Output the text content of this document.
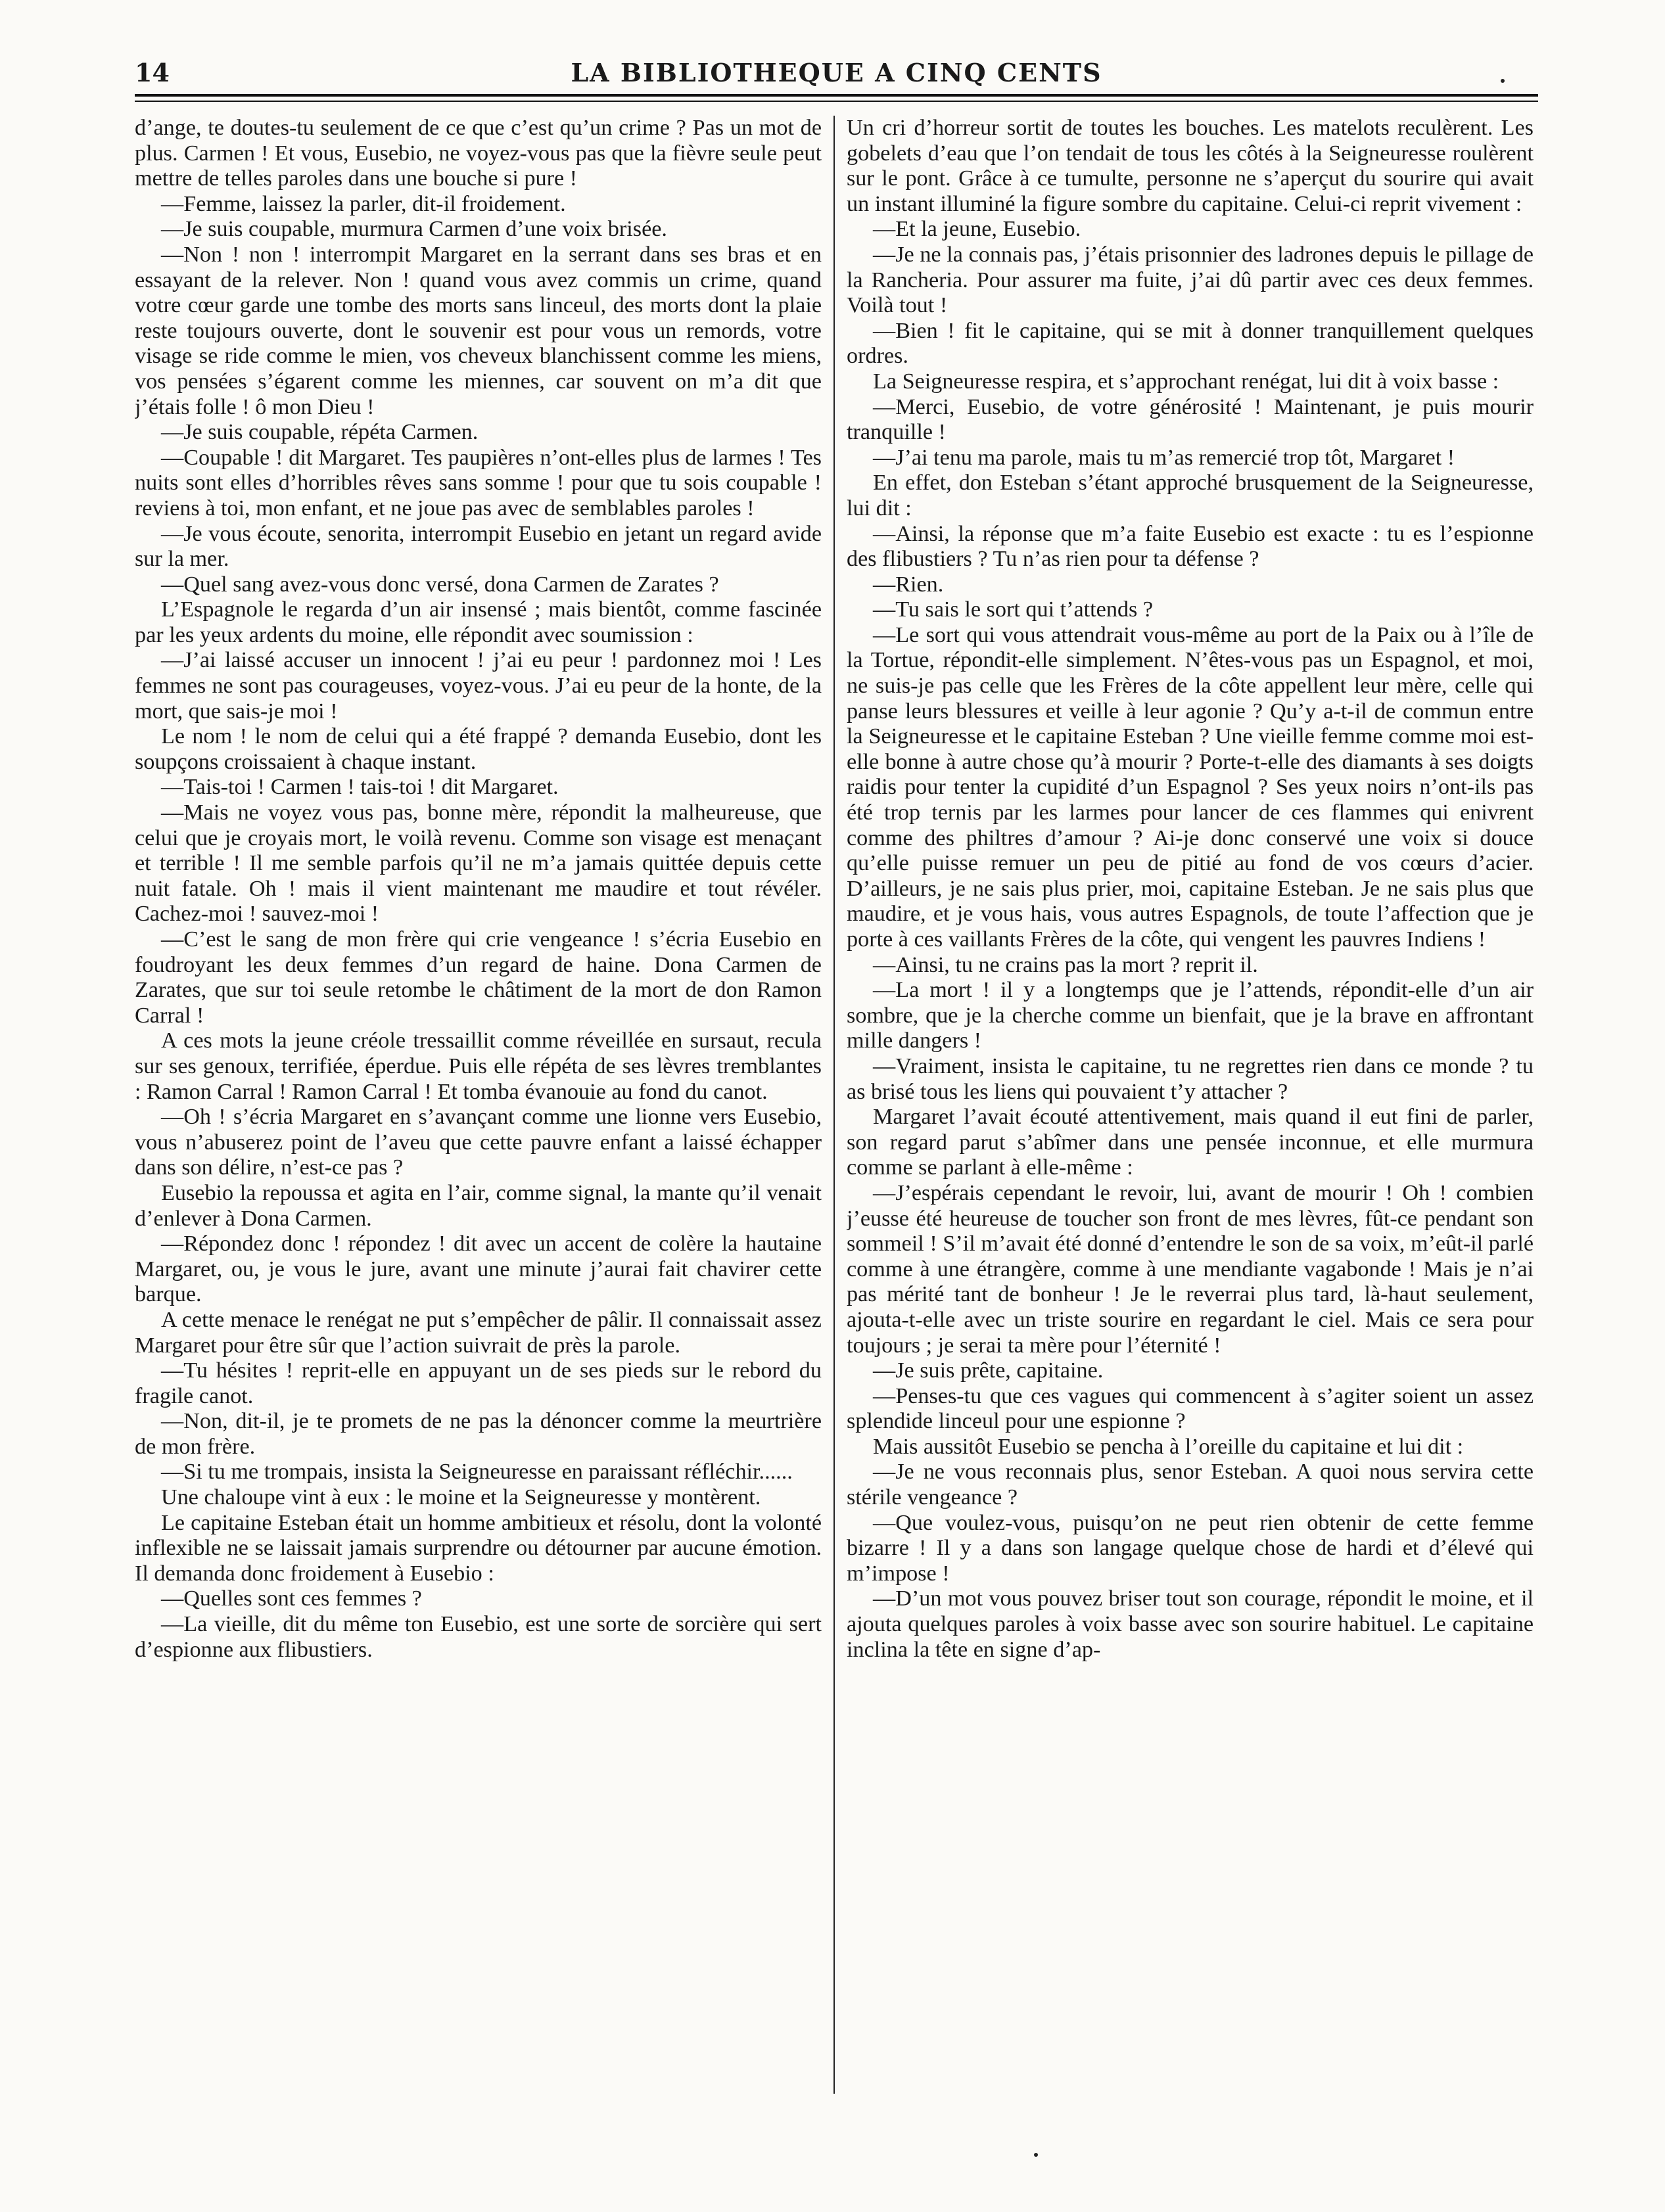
14	LA BIBLIOTHEQUE A CINQ CENTS

d’ange, te doutes-tu seulement de ce que c’est qu’un crime ? Pas un mot de plus. Carmen ! Et vous, Eusebio, ne voyez-vous pas que la fièvre seule peut mettre de telles paroles dans une bouche si pure !

—Femme, laissez la parler, dit-il froidement.

—Je suis coupable, murmura Carmen d’une voix brisée.

—Non ! non ! interrompit Margaret en la serrant dans ses bras et en essayant de la relever. Non ! quand vous avez commis un crime, quand votre cœur garde une tombe des morts sans linceul, des morts dont la plaie reste toujours ouverte, dont le souvenir est pour vous un remords, votre visage se ride comme le mien, vos cheveux blanchissent comme les miens, vos pensées s’égarent comme les miennes, car souvent on m’a dit que j’étais folle ! ô mon Dieu !

—Je suis coupable, répéta Carmen.

—Coupable ! dit Margaret. Tes paupières n’ont-elles plus de larmes ! Tes nuits sont elles d’horribles rêves sans somme ! pour que tu sois coupable ! reviens à toi, mon enfant, et ne joue pas avec de semblables paroles !

—Je vous écoute, senorita, interrompit Eusebio en jetant un regard avide sur la mer.

—Quel sang avez-vous donc versé, dona Carmen de Zarates ?

L’Espagnole le regarda d’un air insensé ; mais bientôt, comme fascinée par les yeux ardents du moine, elle répondit avec soumission :

—J’ai laissé accuser un innocent ! j’ai eu peur ! pardonnez moi ! Les femmes ne sont pas courageuses, voyez-vous. J’ai eu peur de la honte, de la mort, que sais-je moi !

Le nom ! le nom de celui qui a été frappé ? demanda Eusebio, dont les soupçons croissaient à chaque instant.

—Tais-toi ! Carmen ! tais-toi ! dit Margaret.

—Mais ne voyez vous pas, bonne mère, répondit la malheureuse, que celui que je croyais mort, le voilà revenu. Comme son visage est menaçant et terrible ! Il me semble parfois qu’il ne m’a jamais quittée depuis cette nuit fatale. Oh ! mais il vient maintenant me maudire et tout révéler. Cachez-moi ! sauvez-moi !

—C’est le sang de mon frère qui crie vengeance ! s’écria Eusebio en foudroyant les deux femmes d’un regard de haine. Dona Carmen de Zarates, que sur toi seule retombe le châtiment de la mort de don Ramon Carral !

A ces mots la jeune créole tressaillit comme réveillée en sursaut, recula sur ses genoux, terrifiée, éperdue. Puis elle répéta de ses lèvres tremblantes : Ramon Carral ! Ramon Carral ! Et tomba évanouie au fond du canot.

—Oh ! s’écria Margaret en s’avançant comme une lionne vers Eusebio, vous n’abuserez point de l’aveu que cette pauvre enfant a laissé échapper dans son délire, n’est-ce pas ?

Eusebio la repoussa et agita en l’air, comme signal, la mante qu’il venait d’enlever à Dona Carmen.

—Répondez donc ! répondez ! dit avec un accent de colère la hautaine Margaret, ou, je vous le jure, avant une minute j’aurai fait chavirer cette barque.

A cette menace le renégat ne put s’empêcher de pâlir. Il connaissait assez Margaret pour être sûr que l’action suivrait de près la parole.

—Tu hésites ! reprit-elle en appuyant un de ses pieds sur le rebord du fragile canot.

—Non, dit-il, je te promets de ne pas la dénoncer comme la meurtrière de mon frère.

—Si tu me trompais, insista la Seigneuresse en paraissant réfléchir......

Une chaloupe vint à eux : le moine et la Seigneuresse y montèrent.

Le capitaine Esteban était un homme ambitieux et résolu, dont la volonté inflexible ne se laissait jamais surprendre ou détourner par aucune émotion. Il demanda donc froidement à Eusebio :

—Quelles sont ces femmes ?

—La vieille, dit du même ton Eusebio, est une sorte de sorcière qui sert d’espionne aux flibustiers.

Un cri d’horreur sortit de toutes les bouches. Les matelots reculèrent. Les gobelets d’eau que l’on tendait de tous les côtés à la Seigneuresse roulèrent sur le pont. Grâce à ce tumulte, personne ne s’aperçut du sourire qui avait un instant illuminé la figure sombre du capitaine. Celui-ci reprit vivement :

—Et la jeune, Eusebio.

—Je ne la connais pas, j’étais prisonnier des ladrones depuis le pillage de la Rancheria. Pour assurer ma fuite, j’ai dû partir avec ces deux femmes. Voilà tout !

—Bien ! fit le capitaine, qui se mit à donner tranquillement quelques ordres.

La Seigneuresse respira, et s’approchant renégat, lui dit à voix basse :

—Merci, Eusebio, de votre générosité ! Maintenant, je puis mourir tranquille !

—J’ai tenu ma parole, mais tu m’as remercié trop tôt, Margaret !

En effet, don Esteban s’étant approché brusquement de la Seigneuresse, lui dit :

—Ainsi, la réponse que m’a faite Eusebio est exacte : tu es l’espionne des flibustiers ? Tu n’as rien pour ta défense ?

—Rien.

—Tu sais le sort qui t’attends ?

—Le sort qui vous attendrait vous-même au port de la Paix ou à l’île de la Tortue, répondit-elle simplement. N’êtes-vous pas un Espagnol, et moi, ne suis-je pas celle que les Frères de la côte appellent leur mère, celle qui panse leurs blessures et veille à leur agonie ? Qu’y a-t-il de commun entre la Seigneuresse et le capitaine Esteban ? Une vieille femme comme moi est-elle bonne à autre chose qu’à mourir ? Porte-t-elle des diamants à ses doigts raidis pour tenter la cupidité d’un Espagnol ? Ses yeux noirs n’ont-ils pas été trop ternis par les larmes pour lancer de ces flammes qui enivrent comme des philtres d’amour ? Ai-je donc conservé une voix si douce qu’elle puisse remuer un peu de pitié au fond de vos cœurs d’acier. D’ailleurs, je ne sais plus prier, moi, capitaine Esteban. Je ne sais plus que maudire, et je vous hais, vous autres Espagnols, de toute l’affection que je porte à ces vaillants Frères de la côte, qui vengent les pauvres Indiens !

—Ainsi, tu ne crains pas la mort ? reprit il.

—La mort ! il y a longtemps que je l’attends, répondit-elle d’un air sombre, que je la cherche comme un bienfait, que je la brave en affrontant mille dangers !

—Vraiment, insista le capitaine, tu ne regrettes rien dans ce monde ? tu as brisé tous les liens qui pouvaient t’y attacher ?

Margaret l’avait écouté attentivement, mais quand il eut fini de parler, son regard parut s’abîmer dans une pensée inconnue, et elle murmura comme se parlant à elle-même :

—J’espérais cependant le revoir, lui, avant de mourir ! Oh ! combien j’eusse été heureuse de toucher son front de mes lèvres, fût-ce pendant son sommeil ! S’il m’avait été donné d’entendre le son de sa voix, m’eût-il parlé comme à une étrangère, comme à une mendiante vagabonde ! Mais je n’ai pas mérité tant de bonheur ! Je le reverrai plus tard, là-haut seulement, ajouta-t-elle avec un triste sourire en regardant le ciel. Mais ce sera pour toujours ; je serai ta mère pour l’éternité !

—Je suis prête, capitaine.

—Penses-tu que ces vagues qui commencent à s’agiter soient un assez splendide linceul pour une espionne ?

Mais aussitôt Eusebio se pencha à l’oreille du capitaine et lui dit :

—Je ne vous reconnais plus, senor Esteban. A quoi nous servira cette stérile vengeance ?

—Que voulez-vous, puisqu’on ne peut rien obtenir de cette femme bizarre ! Il y a dans son langage quelque chose de hardi et d’élevé qui m’impose !

—D’un mot vous pouvez briser tout son courage, répondit le moine, et il ajouta quelques paroles à voix basse avec son sourire habituel. Le capitaine inclina la tête en signe d’ap-
